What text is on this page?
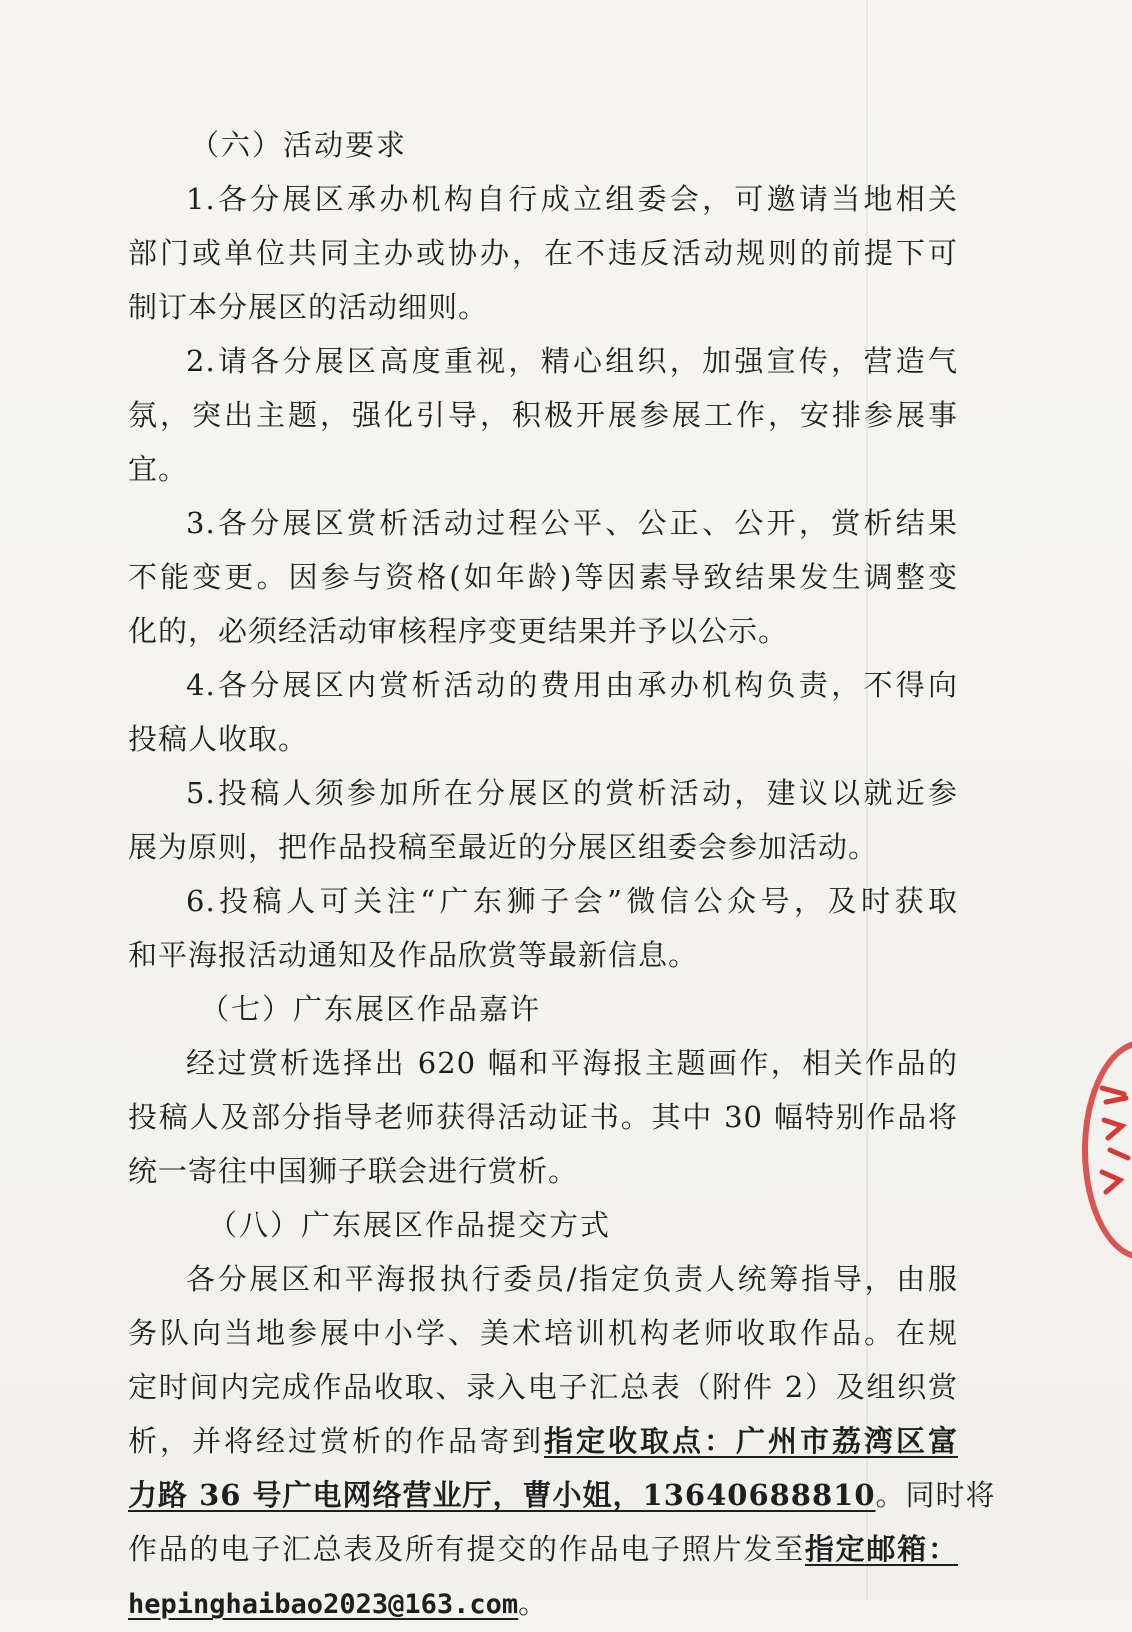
（六）活动要求
1.各分展区承办机构自行成立组委会，可邀请当地相关
部门或单位共同主办或协办，在不违反活动规则的前提下可
制订本分展区的活动细则。
2.请各分展区高度重视，精心组织，加强宣传，营造气
氛，突出主题，强化引导，积极开展参展工作，安排参展事
宜。
3.各分展区赏析活动过程公平、公正、公开，赏析结果
不能变更。因参与资格(如年龄)等因素导致结果发生调整变
化的，必须经活动审核程序变更结果并予以公示。
4.各分展区内赏析活动的费用由承办机构负责，不得向
投稿人收取。
5.投稿人须参加所在分展区的赏析活动，建议以就近参
展为原则，把作品投稿至最近的分展区组委会参加活动。
6.投稿人可关注“广东狮子会”微信公众号，及时获取
和平海报活动通知及作品欣赏等最新信息。
（七）广东展区作品嘉许
经过赏析选择出 620 幅和平海报主题画作，相关作品的
投稿人及部分指导老师获得活动证书。其中 30 幅特别作品将
统一寄往中国狮子联会进行赏析。
（八）广东展区作品提交方式
各分展区和平海报执行委员/指定负责人统筹指导，由服
务队向当地参展中小学、美术培训机构老师收取作品。在规
定时间内完成作品收取、录入电子汇总表（附件 2）及组织赏
析，并将经过赏析的作品寄到指定收取点：广州市荔湾区富
力路 36 号广电网络营业厅，曹小姐，13640688810。同时将
作品的电子汇总表及所有提交的作品电子照片发至指定邮箱：
hepinghaibao2023@163.com。
